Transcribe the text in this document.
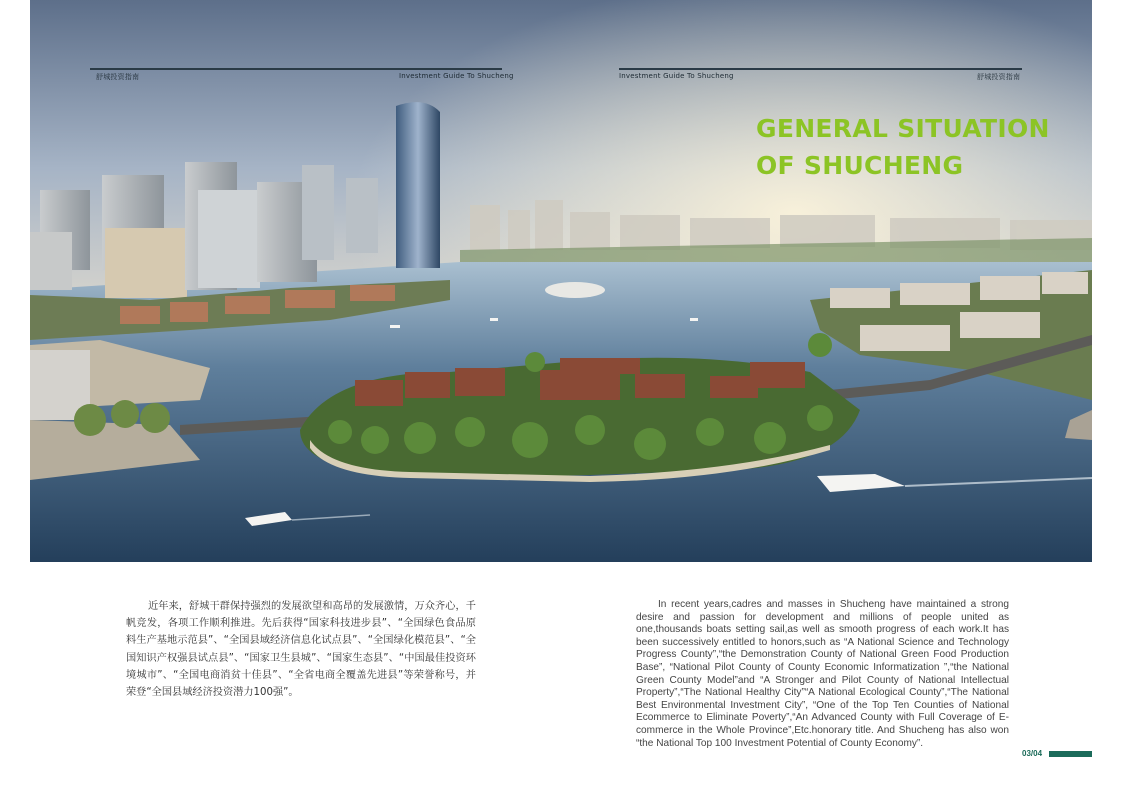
舒城投资指南	Investment Guide To Shucheng	Investment Guide To Shucheng	舒城投资指南
GENERAL SITUATION
OF SHUCHENG
近年来，舒城干群保持强烈的发展欲望和高昂的发展激情，万众齐心，千帆竞发，各项工作顺利推进。先后获得“国家科技进步县”、“全国绿色食品原料生产基地示范县”、“全国县域经济信息化试点县”、“全国绿化模范县”、“全国知识产权强县试点县”、“国家卫生县城”、“国家生态县”、“中国最佳投资环境城市”、“全国电商消贫十佳县”、“全省电商全覆盖先进县”等荣誉称号，并荣登“全国县域经济投资潜力100强”。
In recent years,cadres and masses in Shucheng have maintained a strong desire and passion for development and millions of people united as one,thousands boats setting sail,as well as smooth progress of each work.It has been successively entitled to honors,such as “A National Science and Technology Progress County”,“the Demonstration County of National Green Food Production Base”, “National Pilot County of County Economic Informatization ”,“the National Green County Model”and “A Stronger and Pilot County of National Intellectual Property”,“The National Healthy City”“A National Ecological County”,“The National Best Environmental Investment City”, “One of the Top Ten Counties of National Ecommerce to Eliminate Poverty”,“An Advanced County with Full Coverage of E-commerce in the Whole Province”,Etc.honorary title. And Shucheng has also won “the National Top 100 Investment Potential of County Economy”.
03/04
